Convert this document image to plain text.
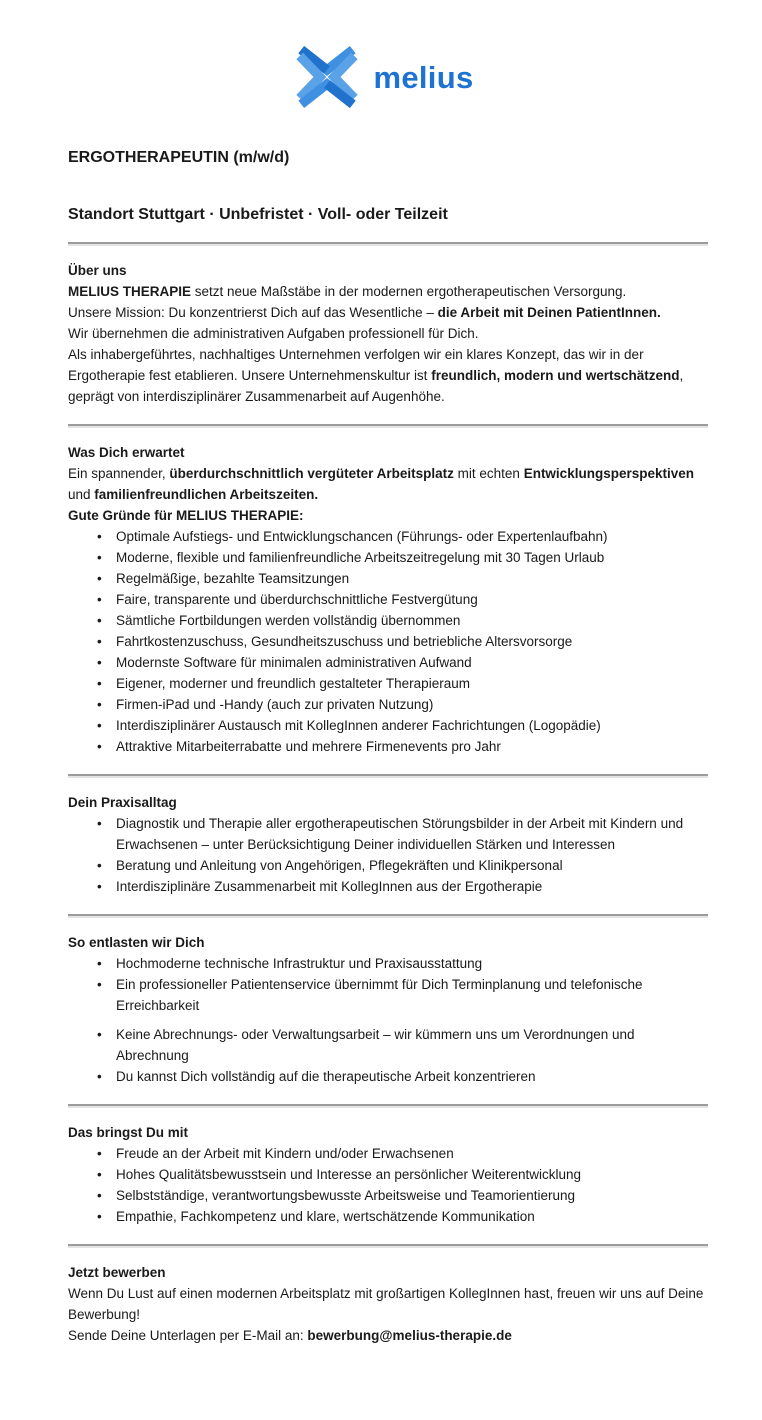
melius
ERGOTHERAPEUTIN (m/w/d)
Standort Stuttgart · Unbefristet · Voll- oder Teilzeit
Über uns

MELIUS THERAPIE setzt neue Maßstäbe in der modernen ergotherapeutischen Versorgung.

Unsere Mission: Du konzentrierst Dich auf das Wesentliche – die Arbeit mit Deinen PatientInnen.

Wir übernehmen die administrativen Aufgaben professionell für Dich.

Als inhabergeführtes, nachhaltiges Unternehmen verfolgen wir ein klares Konzept, das wir in der Ergotherapie fest etablieren. Unsere Unternehmenskultur ist freundlich, modern und wertschätzend, geprägt von interdisziplinärer Zusammenarbeit auf Augenhöhe.

Was Dich erwartet

Ein spannender, überdurchschnittlich vergüteter Arbeitsplatz mit echten Entwicklungsperspektiven und familienfreundlichen Arbeitszeiten.

Gute Gründe für MELIUS THERAPIE:

• Optimale Aufstiegs- und Entwicklungschancen (Führungs- oder Expertenlaufbahn)
• Moderne, flexible und familienfreundliche Arbeitszeitregelung mit 30 Tagen Urlaub
• Regelmäßige, bezahlte Teamsitzungen
• Faire, transparente und überdurchschnittliche Festvergütung
• Sämtliche Fortbildungen werden vollständig übernommen
• Fahrtkostenzuschuss, Gesundheitszuschuss und betriebliche Altersvorsorge
• Modernste Software für minimalen administrativen Aufwand
• Eigener, moderner und freundlich gestalteter Therapieraum
• Firmen-iPad und -Handy (auch zur privaten Nutzung)
• Interdisziplinärer Austausch mit KollegInnen anderer Fachrichtungen (Logopädie)
• Attraktive Mitarbeiterrabatte und mehrere Firmenevents pro Jahr
Dein Praxisalltag
• Diagnostik und Therapie aller ergotherapeutischen Störungsbilder in der Arbeit mit Kindern und Erwachsenen – unter Berücksichtigung Deiner individuellen Stärken und Interessen
• Beratung und Anleitung von Angehörigen, Pflegekräften und Klinikpersonal
• Interdisziplinäre Zusammenarbeit mit KollegInnen aus der Ergotherapie
So entlasten wir Dich
• Hochmoderne technische Infrastruktur und Praxisausstattung
• Ein professioneller Patientenservice übernimmt für Dich Terminplanung und telefonische Erreichbarkeit
• Keine Abrechnungs- oder Verwaltungsarbeit – wir kümmern uns um Verordnungen und Abrechnung
• Du kannst Dich vollständig auf die therapeutische Arbeit konzentrieren
Das bringst Du mit
• Freude an der Arbeit mit Kindern und/oder Erwachsenen
• Hohes Qualitätsbewusstsein und Interesse an persönlicher Weiterentwicklung
• Selbstständige, verantwortungsbewusste Arbeitsweise und Teamorientierung
• Empathie, Fachkompetenz und klare, wertschätzende Kommunikation
Jetzt bewerben

Wenn Du Lust auf einen modernen Arbeitsplatz mit großartigen KollegInnen hast, freuen wir uns auf Deine Bewerbung!

Sende Deine Unterlagen per E-Mail an: bewerbung@melius-therapie.de
